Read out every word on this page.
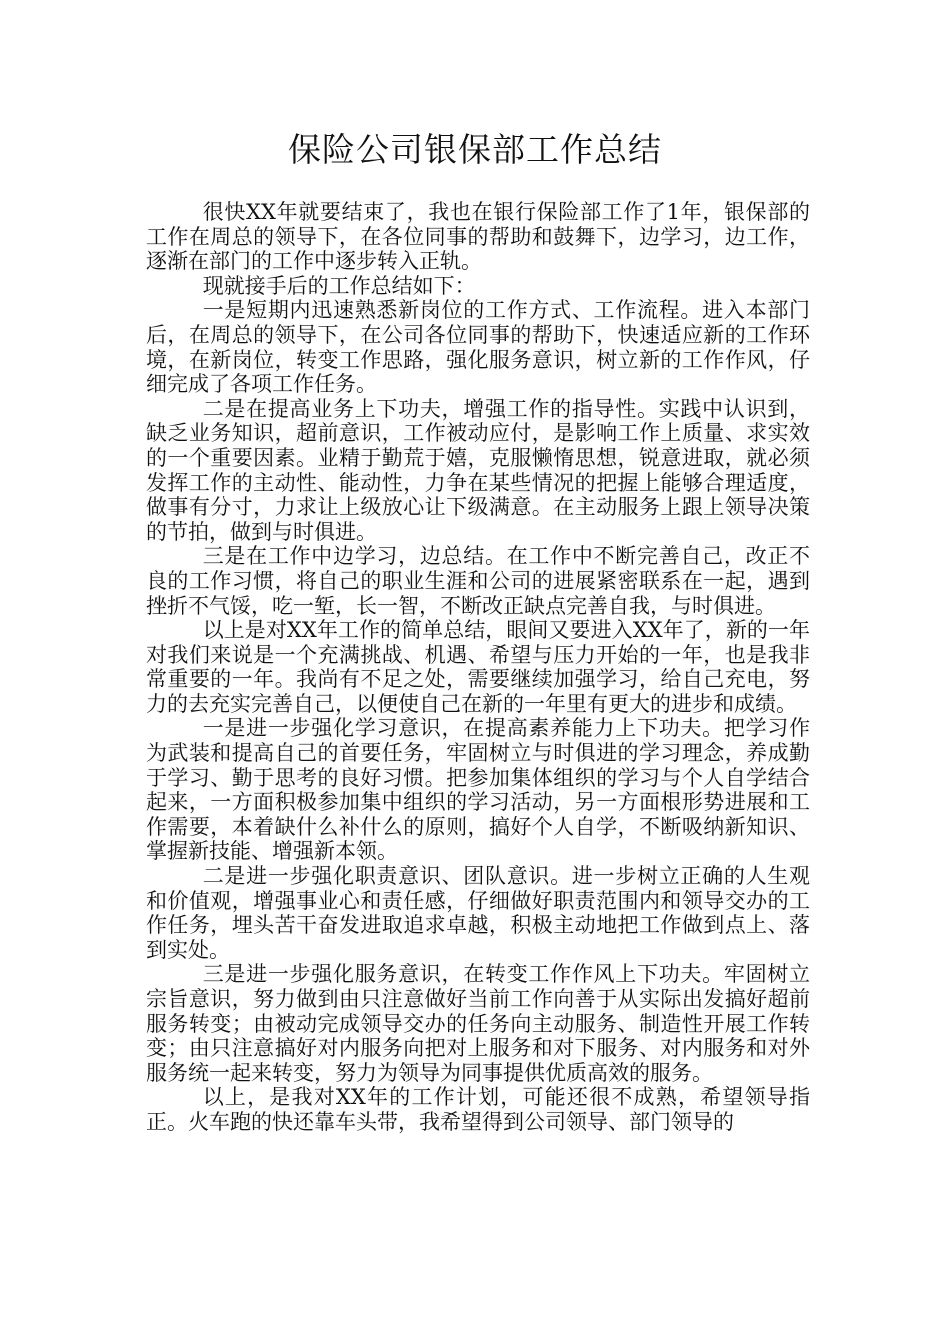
保险公司银保部工作总结

很快XX年就要结束了，我也在银行保险部工作了1年，银保部的工作在周总的领导下，在各位同事的帮助和鼓舞下，边学习，边工作，逐渐在部门的工作中逐步转入正轨。

现就接手后的工作总结如下：

一是短期内迅速熟悉新岗位的工作方式、工作流程。进入本部门后，在周总的领导下，在公司各位同事的帮助下，快速适应新的工作环境，在新岗位，转变工作思路，强化服务意识，树立新的工作作风，仔细完成了各项工作任务。

二是在提高业务上下功夫，增强工作的指导性。实践中认识到，缺乏业务知识，超前意识，工作被动应付，是影响工作上质量、求实效的一个重要因素。业精于勤荒于嬉，克服懒惰思想，锐意进取，就必须发挥工作的主动性、能动性，力争在某些情况的把握上能够合理适度，做事有分寸，力求让上级放心让下级满意。在主动服务上跟上领导决策的节拍，做到与时俱进。

三是在工作中边学习，边总结。在工作中不断完善自己，改正不良的工作习惯，将自己的职业生涯和公司的进展紧密联系在一起，遇到挫折不气馁，吃一堑，长一智，不断改正缺点完善自我，与时俱进。

以上是对XX年工作的简单总结，眼间又要进入XX年了，新的一年对我们来说是一个充满挑战、机遇、希望与压力开始的一年，也是我非常重要的一年。我尚有不足之处，需要继续加强学习，给自己充电，努力的去充实完善自己，以便使自己在新的一年里有更大的进步和成绩。

一是进一步强化学习意识，在提高素养能力上下功夫。把学习作为武装和提高自己的首要任务，牢固树立与时俱进的学习理念，养成勤于学习、勤于思考的良好习惯。把参加集体组织的学习与个人自学结合起来，一方面积极参加集中组织的学习活动，另一方面根形势进展和工作需要，本着缺什么补什么的原则，搞好个人自学，不断吸纳新知识、掌握新技能、增强新本领。

二是进一步强化职责意识、团队意识。进一步树立正确的人生观和价值观，增强事业心和责任感，仔细做好职责范围内和领导交办的工作任务，埋头苦干奋发进取追求卓越，积极主动地把工作做到点上、落到实处。

三是进一步强化服务意识，在转变工作作风上下功夫。牢固树立宗旨意识，努力做到由只注意做好当前工作向善于从实际出发搞好超前服务转变；由被动完成领导交办的任务向主动服务、制造性开展工作转变；由只注意搞好对内服务向把对上服务和对下服务、对内服务和对外服务统一起来转变，努力为领导为同事提供优质高效的服务。

以上，是我对XX年的工作计划，可能还很不成熟，希望领导指正。火车跑的快还靠车头带，我希望得到公司领导、部门领导的
